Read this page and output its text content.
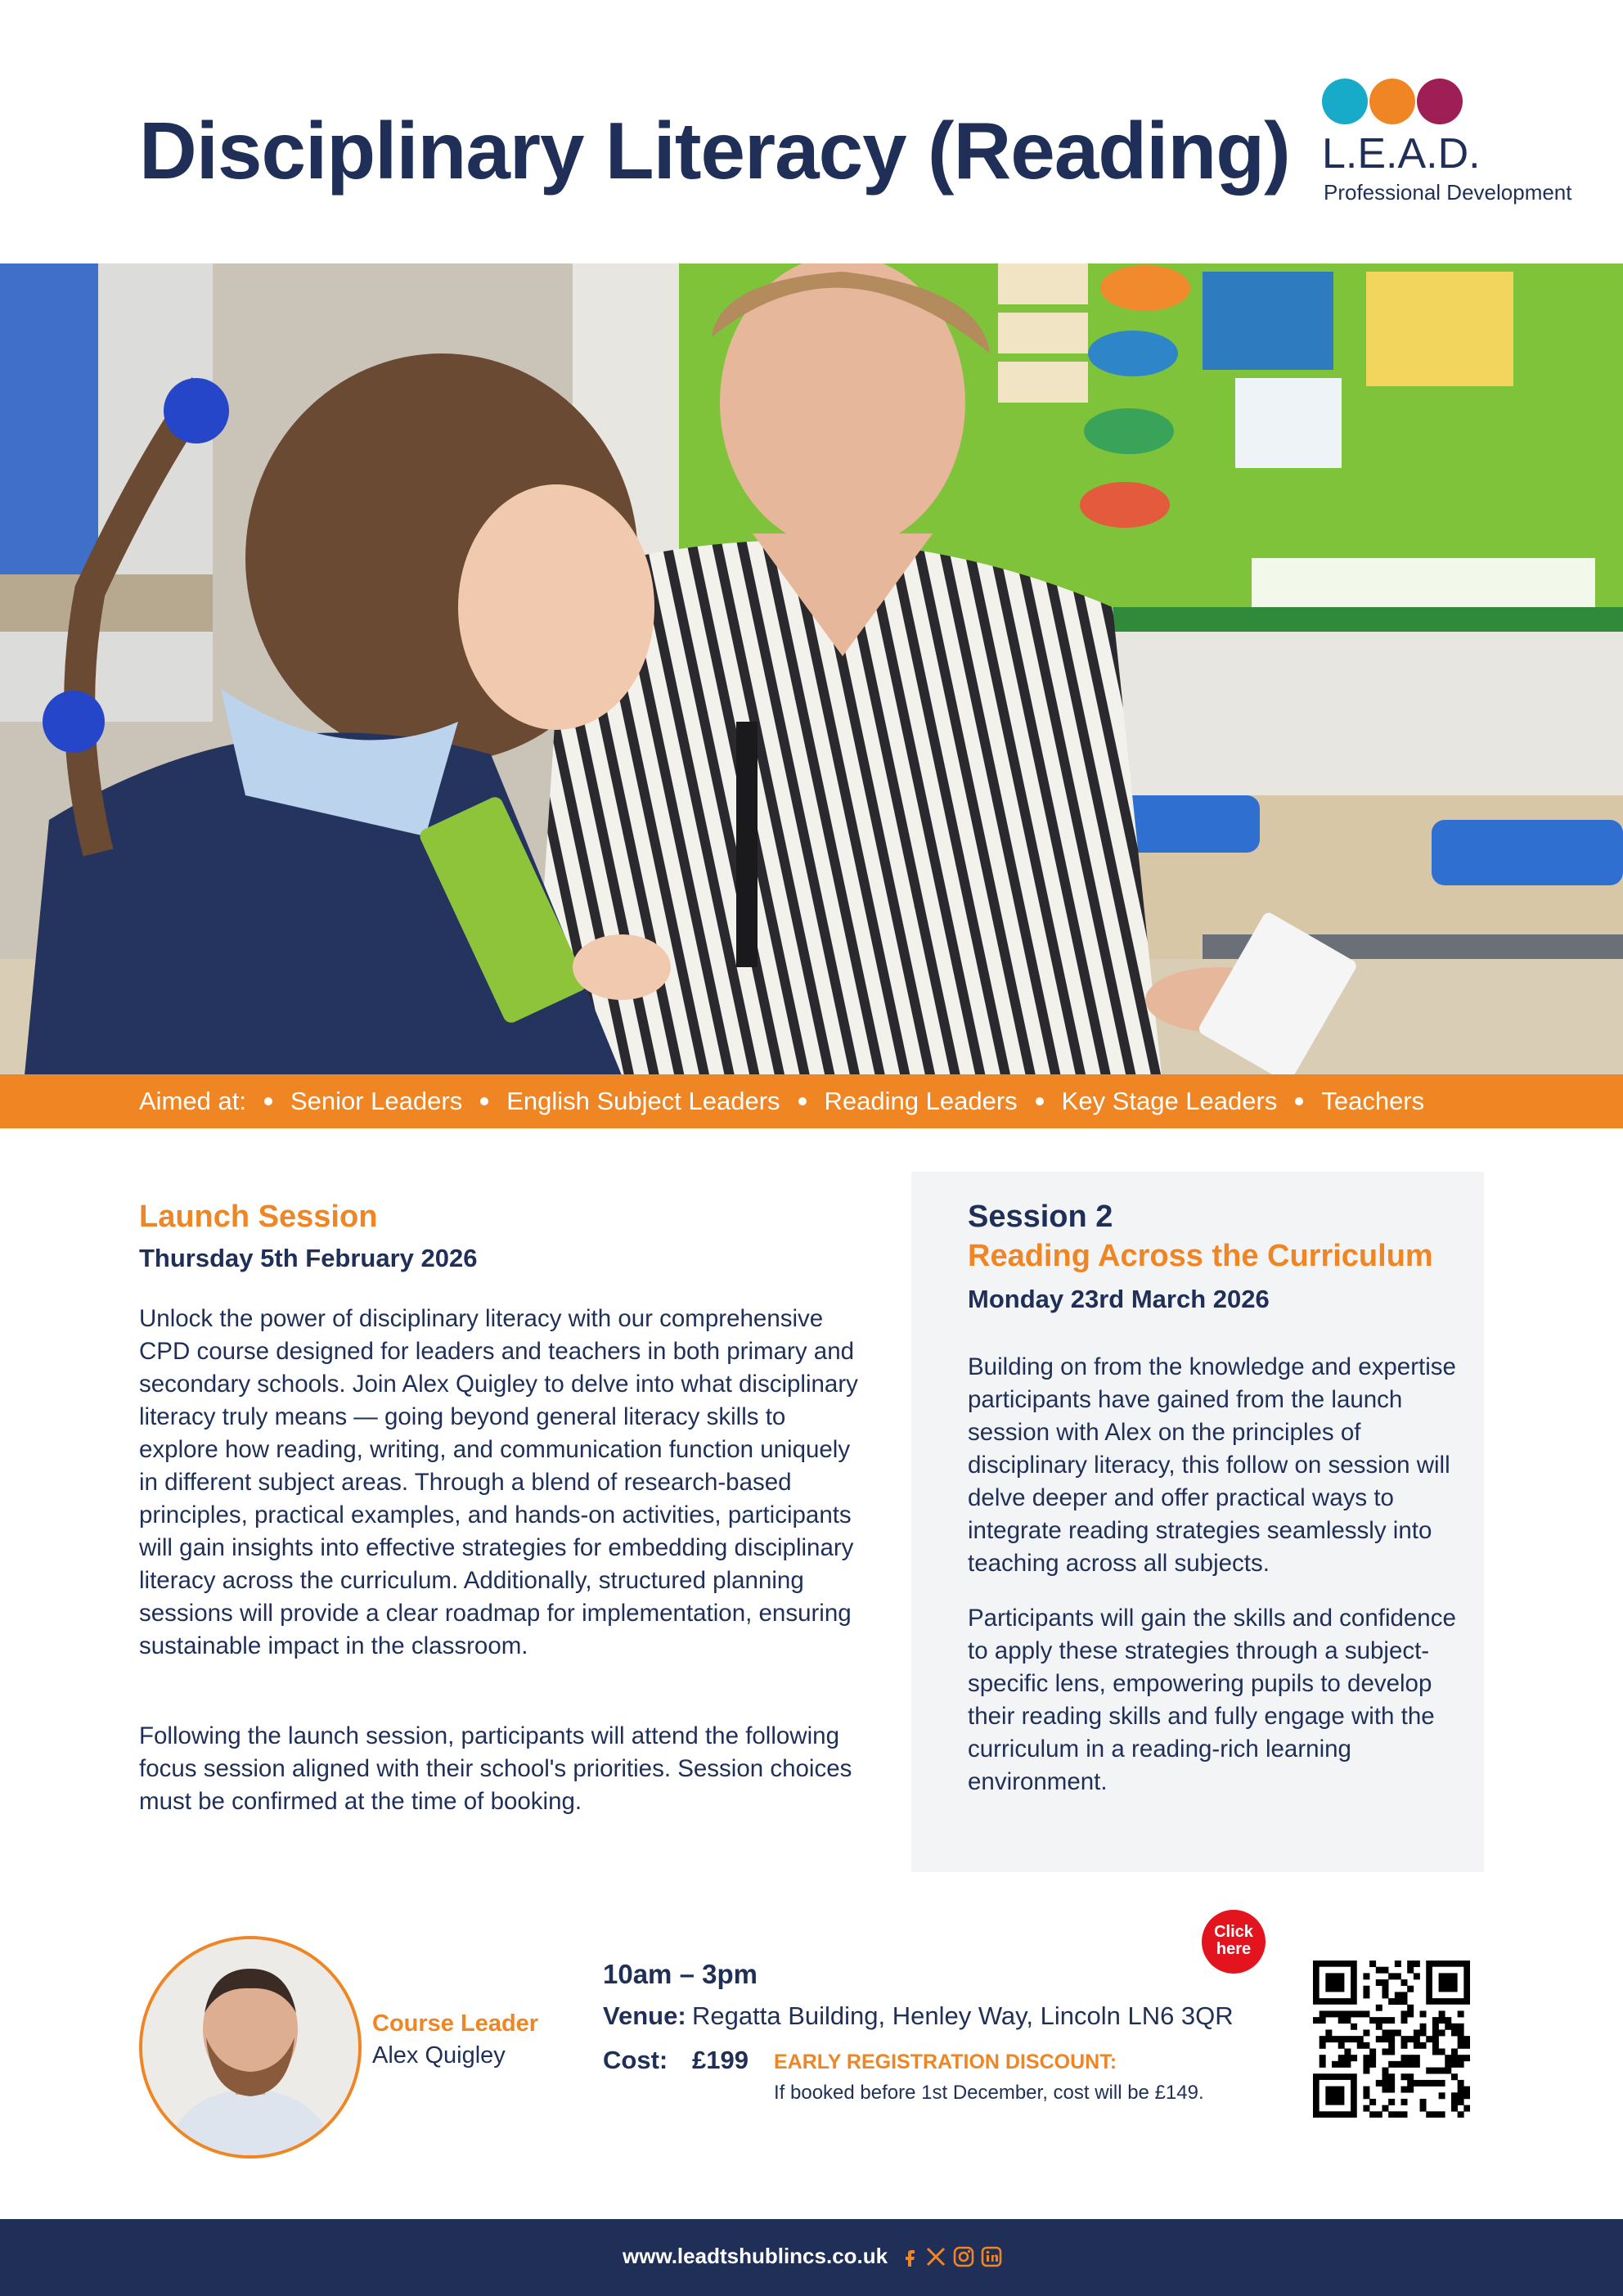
Disciplinary Literacy (Reading) L.E.A.D.
Professional Development
Aimed at: Senior Leaders English Subject Leaders Reading Leaders Key Stage Leaders Teachers
Launch Session
Thursday 5th February 2026
Unlock the power of disciplinary literacy with our comprehensive CPD course designed for leaders and teachers in both primary and secondary schools. Join Alex Quigley to delve into what disciplinary literacy truly means — going beyond general literacy skills to explore how reading, writing, and communication function uniquely in different subject areas. Through a blend of research-based principles, practical examples, and hands-on activities, participants will gain insights into effective strategies for embedding disciplinary literacy across the curriculum. Additionally, structured planning sessions will provide a clear roadmap for implementation, ensuring sustainable impact in the classroom.
Following the launch session, participants will attend the following focus session aligned with their school's priorities. Session choices must be confirmed at the time of booking.
Session 2
Reading Across the Curriculum
Monday 23rd March 2026
Building on from the knowledge and expertise participants have gained from the launch session with Alex on the principles of disciplinary literacy, this follow on session will delve deeper and offer practical ways to integrate reading strategies seamlessly into teaching across all subjects.
Participants will gain the skills and confidence to apply these strategies through a subject-specific lens, empowering pupils to develop their reading skills and fully engage with the curriculum in a reading-rich learning environment.
Course Leader
Alex Quigley
10am – 3pm
Venue: Regatta Building, Henley Way, Lincoln LN6 3QR
Cost: £199 EARLY REGISTRATION DISCOUNT:
If booked before 1st December, cost will be £149.
Click
here
www.leadtshublincs.co.uk
